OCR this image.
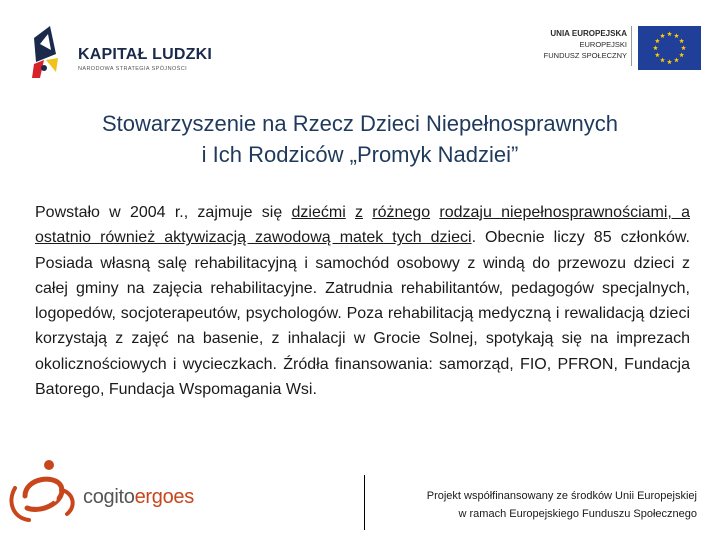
KAPITAŁ LUDZKI
NARODOWA STRATEGIA SPÓJNOŚCI
UNIA EUROPEJSKA
EUROPEJSKI
FUNDUSZ SPOŁECZNY
Stowarzyszenie na Rzecz Dzieci Niepełnosprawnych
i Ich Rodziców „Promyk Nadziei”
Powstało w 2004 r., zajmuje się dziećmi z różnego rodzaju niepełnosprawnościami, a ostatnio również aktywizacją zawodową matek tych dzieci. Obecnie liczy 85 członków. Posiada własną salę rehabilitacyjną i samochód osobowy z windą do przewozu dzieci z całej gminy na zajęcia rehabilitacyjne. Zatrudnia rehabilitantów, pedagogów specjalnych, logopedów, socjoterapeutów, psychologów. Poza rehabilitacją medyczną i rewalidacją dzieci korzystają z zajęć na basenie, z inhalacji w Grocie Solnej, spotykają się na imprezach okolicznościowych i wycieczkach. Źródła finansowania: samorząd, FIO, PFRON, Fundacja Batorego, Fundacja Wspomagania Wsi.
cogitoergoes	Projekt współfinansowany ze środków Unii Europejskiej
w ramach Europejskiego Funduszu Społecznego
